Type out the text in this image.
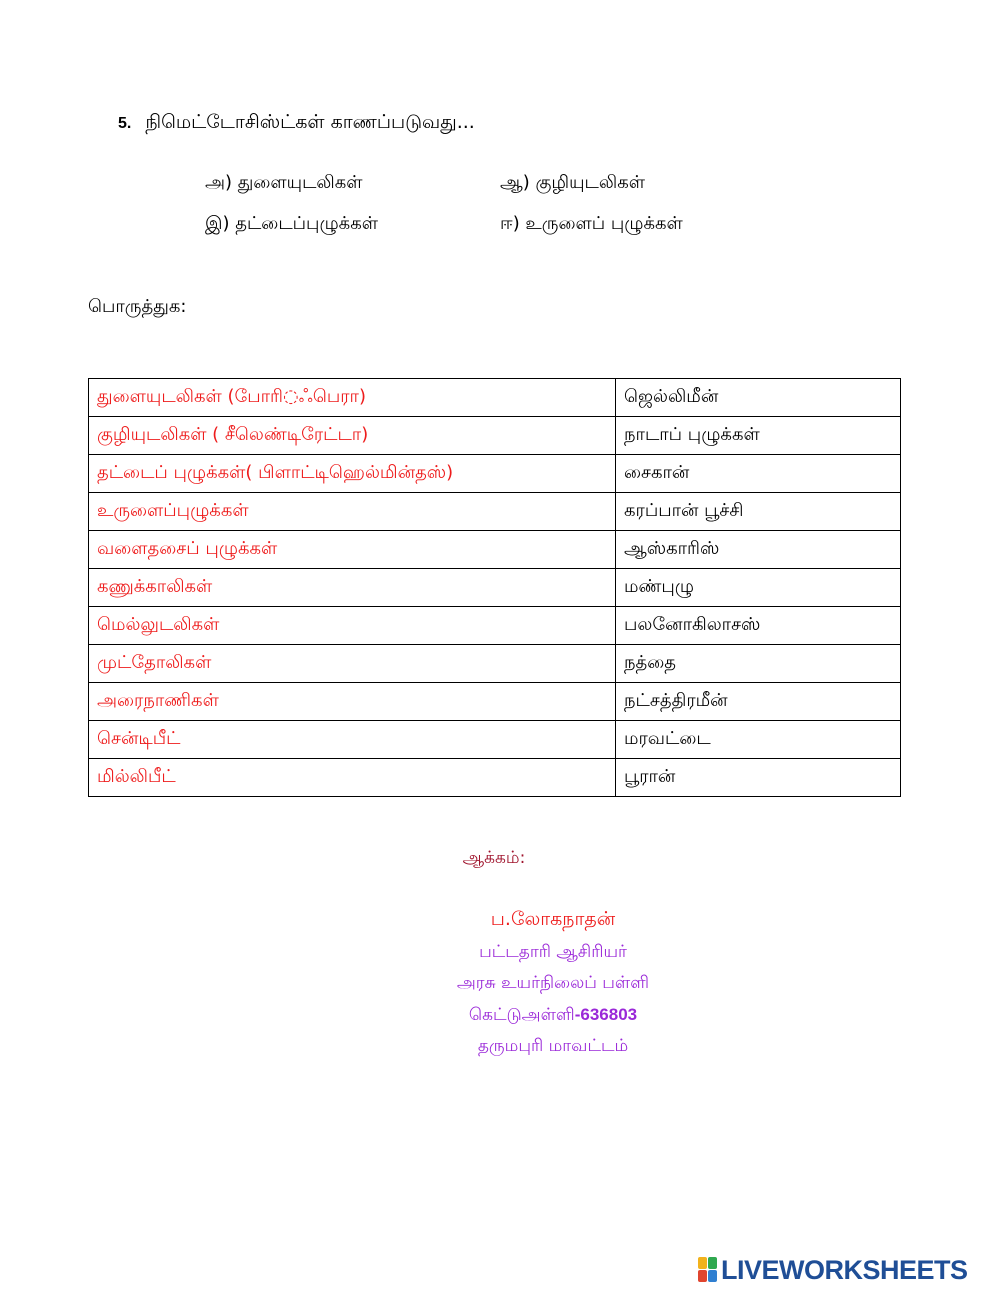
5. நிமெட்டோசிஸ்ட்கள் காணப்படுவது...
அ) துளையுடலிகள்	ஆ) குழியுடலிகள்
இ) தட்டைப்புழுக்கள்	ஈ) உருளைப் புழுக்கள்
பொருத்துக:
துளையுடலிகள் (போரி◌ஃபெரா)	ஜெல்லிமீன்
குழியுடலிகள் ( சீலெண்டிரேட்டா)	நாடாப் புழுக்கள்
தட்டைப் புழுக்கள்( பிளாட்டிஹெல்மின்தஸ்)	சைகான்
உருளைப்புழுக்கள்	கரப்பான் பூச்சி
வளைதசைப் புழுக்கள்	ஆஸ்காரிஸ்
கணுக்காலிகள்	மண்புழு
மெல்லுடலிகள்	பலனோகிலாசஸ்
முட்தோலிகள்	நத்தை
அரைநாணிகள்	நட்சத்திரமீன்
சென்டிபீட்	மரவட்டை
மில்லிபீட்	பூரான்
ஆக்கம்:
ப.லோகநாதன்
பட்டதாரி ஆசிரியர்
அரசு உயர்நிலைப் பள்ளி
கெட்டுஅள்ளி-636803
தருமபுரி மாவட்டம்
LIVEWORKSHEETS
